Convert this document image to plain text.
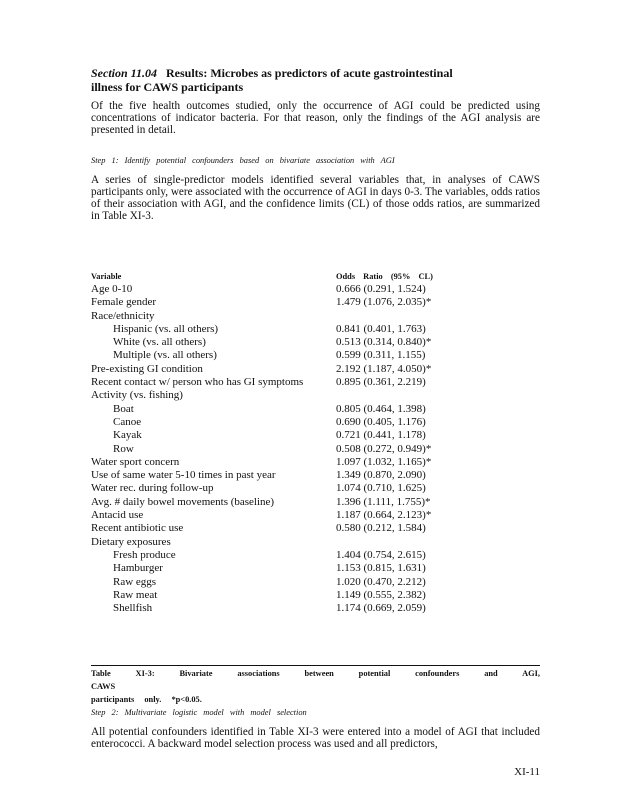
Section 11.04 Results: Microbes as predictors of acute gastrointestinal
illness for CAWS participants
Of the five health outcomes studied, only the occurrence of AGI could be predicted using concentrations of indicator bacteria. For that reason, only the findings of the AGI analysis are presented in detail.
Step 1: Identify potential confounders based on bivariate association with AGI
A series of single-predictor models identified several variables that, in analyses of CAWS participants only, were associated with the occurrence of AGI in days 0-3. The variables, odds ratios of their association with AGI, and the confidence limits (CL) of those odds ratios, are summarized in Table XI-3.
Variable	Odds Ratio (95% CL)
Age 0-10	0.666 (0.291, 1.524)
Female gender	1.479 (1.076, 2.035)*
Race/ethnicity
Hispanic (vs. all others)	0.841 (0.401, 1.763)
White (vs. all others)	0.513 (0.314, 0.840)*
Multiple (vs. all others)	0.599 (0.311, 1.155)
Pre-existing GI condition	2.192 (1.187, 4.050)*
Recent contact w/ person who has GI symptoms	0.895 (0.361, 2.219)
Activity (vs. fishing)
Boat	0.805 (0.464, 1.398)
Canoe	0.690 (0.405, 1.176)
Kayak	0.721 (0.441, 1.178)
Row	0.508 (0.272, 0.949)*
Water sport concern	1.097 (1.032, 1.165)*
Use of same water 5-10 times in past year	1.349 (0.870, 2.090)
Water rec. during follow-up	1.074 (0.710, 1.625)
Avg. # daily bowel movements (baseline)	1.396 (1.111, 1.755)*
Antacid use	1.187 (0.664, 2.123)*
Recent antibiotic use	0.580 (0.212, 1.584)
Dietary exposures
Fresh produce	1.404 (0.754, 2.615)
Hamburger	1.153 (0.815, 1.631)
Raw eggs	1.020 (0.470, 2.212)
Raw meat	1.149 (0.555, 2.382)
Shellfish	1.174 (0.669, 2.059)
Table XI-3: Bivariate associations between potential confounders and AGI, CAWS
participants only. *p<0.05.
Step 2: Multivariate logistic model with model selection
All potential confounders identified in Table XI-3 were entered into a model of AGI that included enterococci. A backward model selection process was used and all predictors,
XI-11
